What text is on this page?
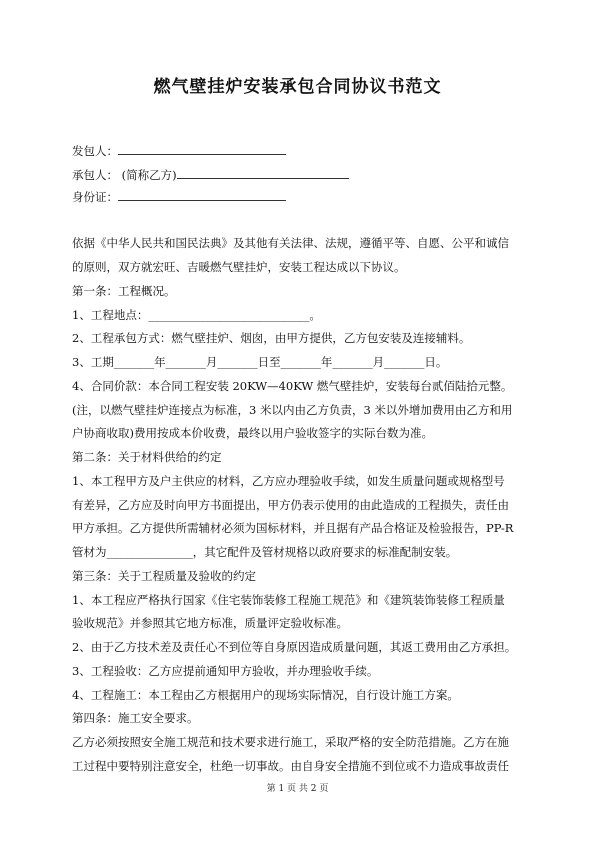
燃气壁挂炉安装承包合同协议书范文
发包人：
承包人： (简称乙方)
身份证：
依据《中华人民共和国民法典》及其他有关法律、法规，遵循平等、自愿、公平和诚信
的原则，双方就宏旺、吉暖燃气壁挂炉，安装工程达成以下协议。
第一条：工程概况。
1、工程地点：____________________________。
2、工程承包方式：燃气壁挂炉、烟囱，由甲方提供，乙方包安装及连接辅料。
3、工期_______年_______月_______日至_______年_______月_______日。
4、合同价款：本合同工程安装 20KW—40KW 燃气壁挂炉，安装每台贰佰陆拾元整。
(注，以燃气壁挂炉连接点为标准，3 米以内由乙方负责，3 米以外增加费用由乙方和用
户协商收取)费用按成本价收费，最终以用户验收签字的实际台数为准。
第二条：关于材料供给的约定
1、本工程甲方及户主供应的材料，乙方应办理验收手续，如发生质量问题或规格型号
有差异，乙方应及时向甲方书面提出，甲方仍表示使用的由此造成的工程损失，责任由
甲方承担。乙方提供所需辅材必须为国标材料，并且据有产品合格证及检验报告，PP-R
管材为_______________，其它配件及管材规格以政府要求的标准配制安装。
第三条：关于工程质量及验收的约定
1、本工程应严格执行国家《住宅装饰装修工程施工规范》和《建筑装饰装修工程质量
验收规范》并参照其它地方标准，质量评定验收标准。
2、由于乙方技术差及责任心不到位等自身原因造成质量问题，其返工费用由乙方承担。
3、工程验收：乙方应提前通知甲方验收，并办理验收手续。
4、工程施工：本工程由乙方根据用户的现场实际情况，自行设计施工方案。
第四条：施工安全要求。
乙方必须按照安全施工规范和技术要求进行施工，采取严格的安全防范措施。乙方在施
工过程中要特别注意安全，杜绝一切事故。由自身安全措施不到位或不力造成事故责任
第 1 页 共 2 页
